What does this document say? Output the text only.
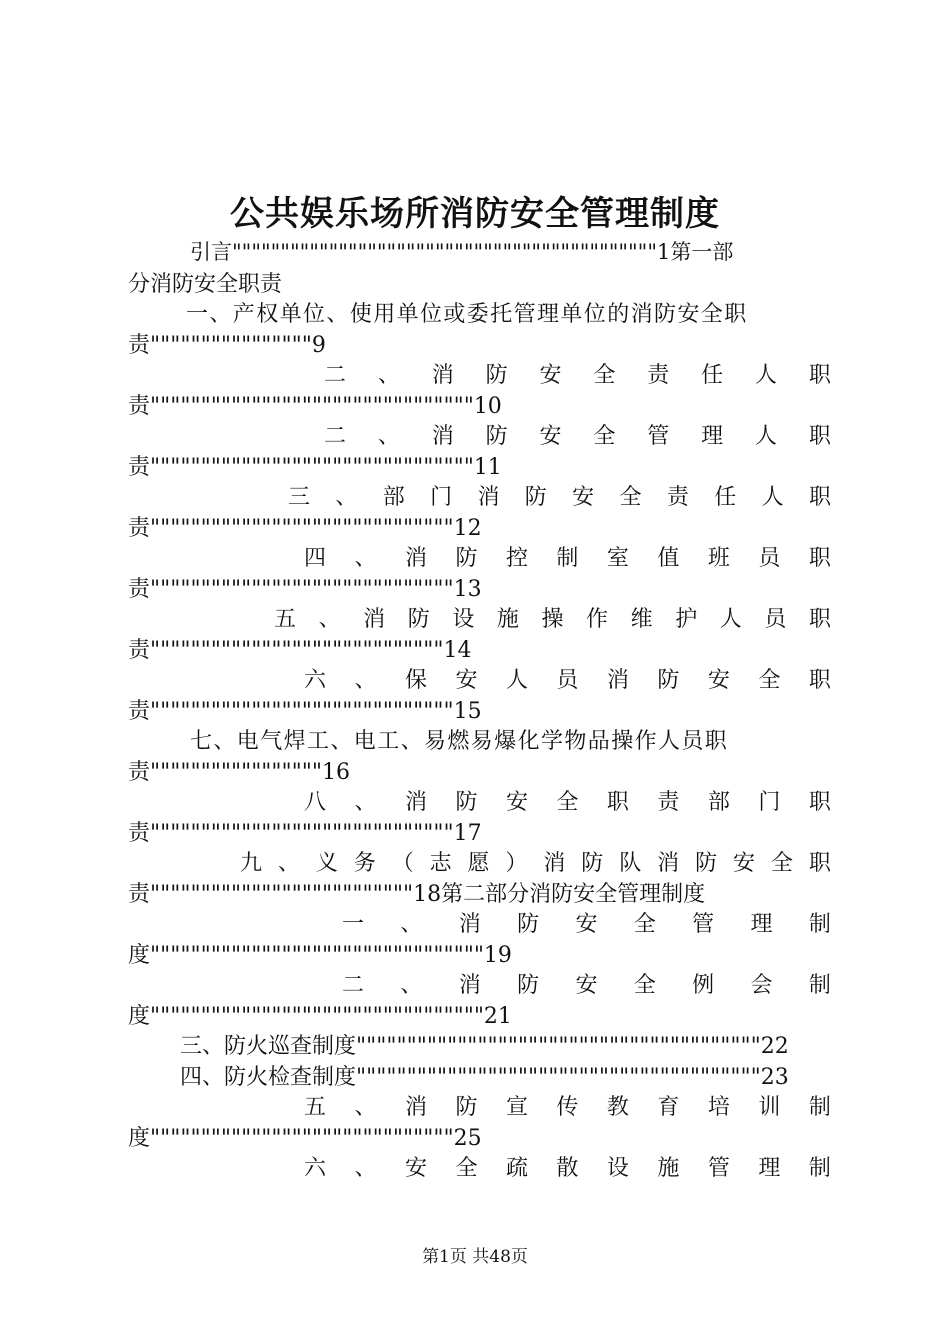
公共娱乐场所消防安全管理制度
引言""""""""""""""""""""""""""""""""""""""""""""1第一部
分消防安全职责
一、产权单位、使用单位或委托管理单位的消防安全职
责""""""""""""""""9
二 、 消 防 安 全 责 任 人 职
责""""""""""""""""""""""""""""""""10
二 、 消 防 安 全 管 理 人 职
责""""""""""""""""""""""""""""""""11
三 、 部 门 消 防 安 全 责 任 人 职
责""""""""""""""""""""""""""""""12
四 、 消 防 控 制 室 值 班 员 职
责""""""""""""""""""""""""""""""13
五 、 消 防 设 施 操 作 维 护 人 员 职
责"""""""""""""""""""""""""""""14
六 、 保 安 人 员 消 防 安 全 职
责""""""""""""""""""""""""""""""15
七、电气焊工、电工、易燃易爆化学物品操作人员职
责"""""""""""""""""16
八 、 消 防 安 全 职 责 部 门 职
责""""""""""""""""""""""""""""""17
九 、 义 务 （ 志 愿 ） 消 防 队 消 防 安 全 职
责""""""""""""""""""""""""""18第二部分消防安全管理制度
一 、 消 防 安 全 管 理 制
度"""""""""""""""""""""""""""""""""19
二 、 消 防 安 全 例 会 制
度"""""""""""""""""""""""""""""""""21
三、防火巡查制度""""""""""""""""""""""""""""""""""""""""22
四、防火检查制度""""""""""""""""""""""""""""""""""""""""23
五 、 消 防 宣 传 教 育 培 训 制
度""""""""""""""""""""""""""""""25
六 、 安 全 疏 散 设 施 管 理 制
第1页 共48页
